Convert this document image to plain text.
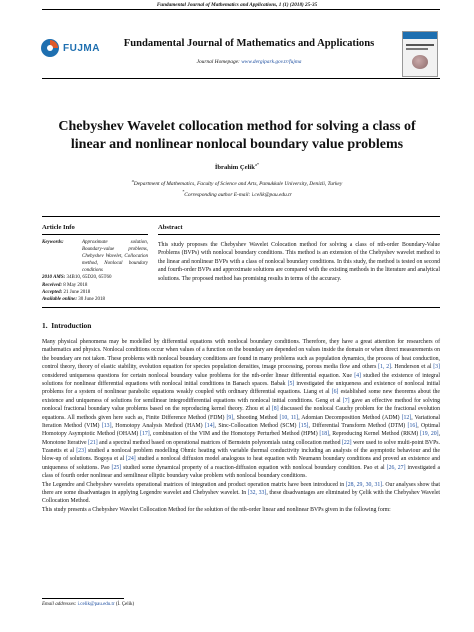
Fundamental Journal of Mathematics and Applications, 1 (1) (2018) 25-35
FUJMA	Fundamental Journal of Mathematics and Applications
Journal Homepage: www.dergipark.gov.tr/fujma
Chebyshev Wavelet collocation method for solving a class of linear and nonlinear nonlocal boundary value problems
İbrahim Çelik$^{a*}$
$^a$Department of Mathematics, Faculty of Science and Arts, Pamukkale University, Denizli, Turkey
*Corresponding author E-mail: i.celik@pau.edu.tr
Article Info	Abstract
Keywords:	Approximate solution, Boundary-value problems, Chebyshev Wavelet, Collocation method, Nonlocal boundary conditions
2010 AMS: 34B10, 65D20, 65T60
Received: 8 May 2018
Accepted: 21 June 2018
Available online: 30 June 2018
This study proposes the Chebyshev Wavelet Colocation method for solving a class of nth-order Boundary-Value Problems (BVPs) with nonlocal boundary conditions. This method is an extension of the Chebyshev wavelet method to the linear and nonlinear BVPs with a class of nonlocal boundary conditions. In this study, the method is tested on second and fourth-order BVPs and approximate solutions are compared with the existing methods in the literature and analytical solutions. The proposed method has promising results in terms of the accuracy.
1. Introduction

Many physical phenomena may be modelled by differential equations with nonlocal boundary conditions. Therefore, they have a great attention for researchers of mathematics and physics. Nonlocal conditions occur when values of a function on the boundary are depended on values inside the domain or when direct measurements on the boundary are not taken. These problems with nonlocal boundary conditions are found in many problems such as population dynamics, the process of heat conduction, control theory, theory of elastic stability, evolution equation for species population densities, image processing, porous media flow and others [1, 2]. Henderson et al [3] considered uniqueness questions for certain nonlocal boundary value problems for the nth-order linear differential equation. Xue [4] studied the existence of integral solutions for nonlinear differential equations with nonlocal initial conditions in Banach spaces. Babak [5] investigated the uniqueness and existence of nonlocal initial problems for a system of nonlinear parabolic equations weakly coupled with ordinary differential equations. Liang et al [6] established some new theorems about the existence and uniqueness of solutions for semilinear integrodifferential equations with nonlocal initial conditions. Geng et al [7] gave an effective method for solving nonlocal fractional boundary value problems based on the reproducing kernel theory. Zhou et al [8] discussed the nonlocal Cauchy problem for the fractional evolution equations. All methods given here such as, Finite Difference Method (FDM) [9], Shooting Method [10, 11], Adomian Decomposition Method (ADM) [12], Variational Iteration Method (VIM) [13], Homotopy Analysis Method (HAM) [14], Sinc-Collocation Method (SCM) [15], Differential Transform Method (DTM) [16], Optimal Homotopy Asymptotic Method (OHAM) [17], combination of the VIM and the Homotopy Perturbed Method (HPM) [18], Reproducing Kernel Method (RKM) [19, 20], Monotone Iterative [21] and a spectral method based on operational matrices of Bernstein polynomials using collocation method [22] were used to solve multi-point BVPs. Tzanetis et al [23] studied a nonlocal problem modelling Ohmic heating with variable thermal conductivity including an analysis of the asymptotic behaviour and the blow-up of solutions. Bogoya et al [24] studied a nonlocal diffusion model analogous to heat equation with Neumann boundary conditions and proved an existence and uniqueness of solutions. Pao [25] studied some dynamical property of a reaction-diffusion equation with nonlocal boundary condition. Pao et al [26, 27] investigated a class of fourth order nonlinear and semilinear elliptic boundary value problem with nonlocal boundary conditions.

The Legendre and Chebyshev wavelets operational matrices of integration and product operation matrix have been introduced in [28, 29, 30, 31]. Our analyses show that there are some disadvantages in applying Legendre wavelet and Chebyshev wavelet. In [32, 33], these disadvantages are eliminated by Çelik with the Chebyshev Wavelet Collocation Method.

This study presents a Chebyshev Wavelet Collocation Method for the solution of the nth-order linear and nonlinear BVPs given in the following form:

Email addresses: i.celik@pau.edu.tr (İ. Çelik)
